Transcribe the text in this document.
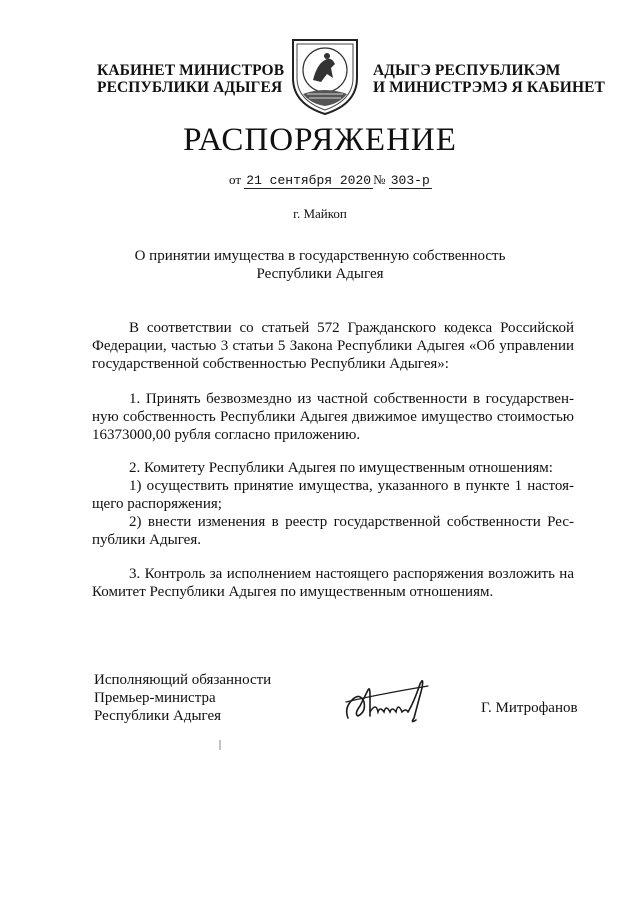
КАБИНЕТ МИНИСТРОВ
РЕСПУБЛИКИ АДЫГЕЯ
АДЫГЭ РЕСПУБЛИКЭМ
И МИНИСТРЭМЭ Я КАБИНЕТ
РАСПОРЯЖЕНИЕ
от 21 сентября 2020 № 303-р
г. Майкоп
О принятии имущества в государственную собственность
Республики Адыгея
В соответствии со статьей 572 Гражданского кодекса Российской
Федерации, частью 3 статьи 5 Закона Республики Адыгея «Об управлении
государственной собственностью Республики Адыгея»:
1. Принять безвозмездно из частной собственности в государствен-
ную собственность Республики Адыгея движимое имущество стоимостью
16373000,00 рубля согласно приложению.
2. Комитету Республики Адыгея по имущественным отношениям:
1) осуществить принятие имущества, указанного в пункте 1 настоя-
щего распоряжения;
2) внести изменения в реестр государственной собственности Рес-
публики Адыгея.
3. Контроль за исполнением настоящего распоряжения возложить на
Комитет Республики Адыгея по имущественным отношениям.
Исполняющий обязанности
Премьер-министра
Республики Адыгея	Г. Митрофанов
